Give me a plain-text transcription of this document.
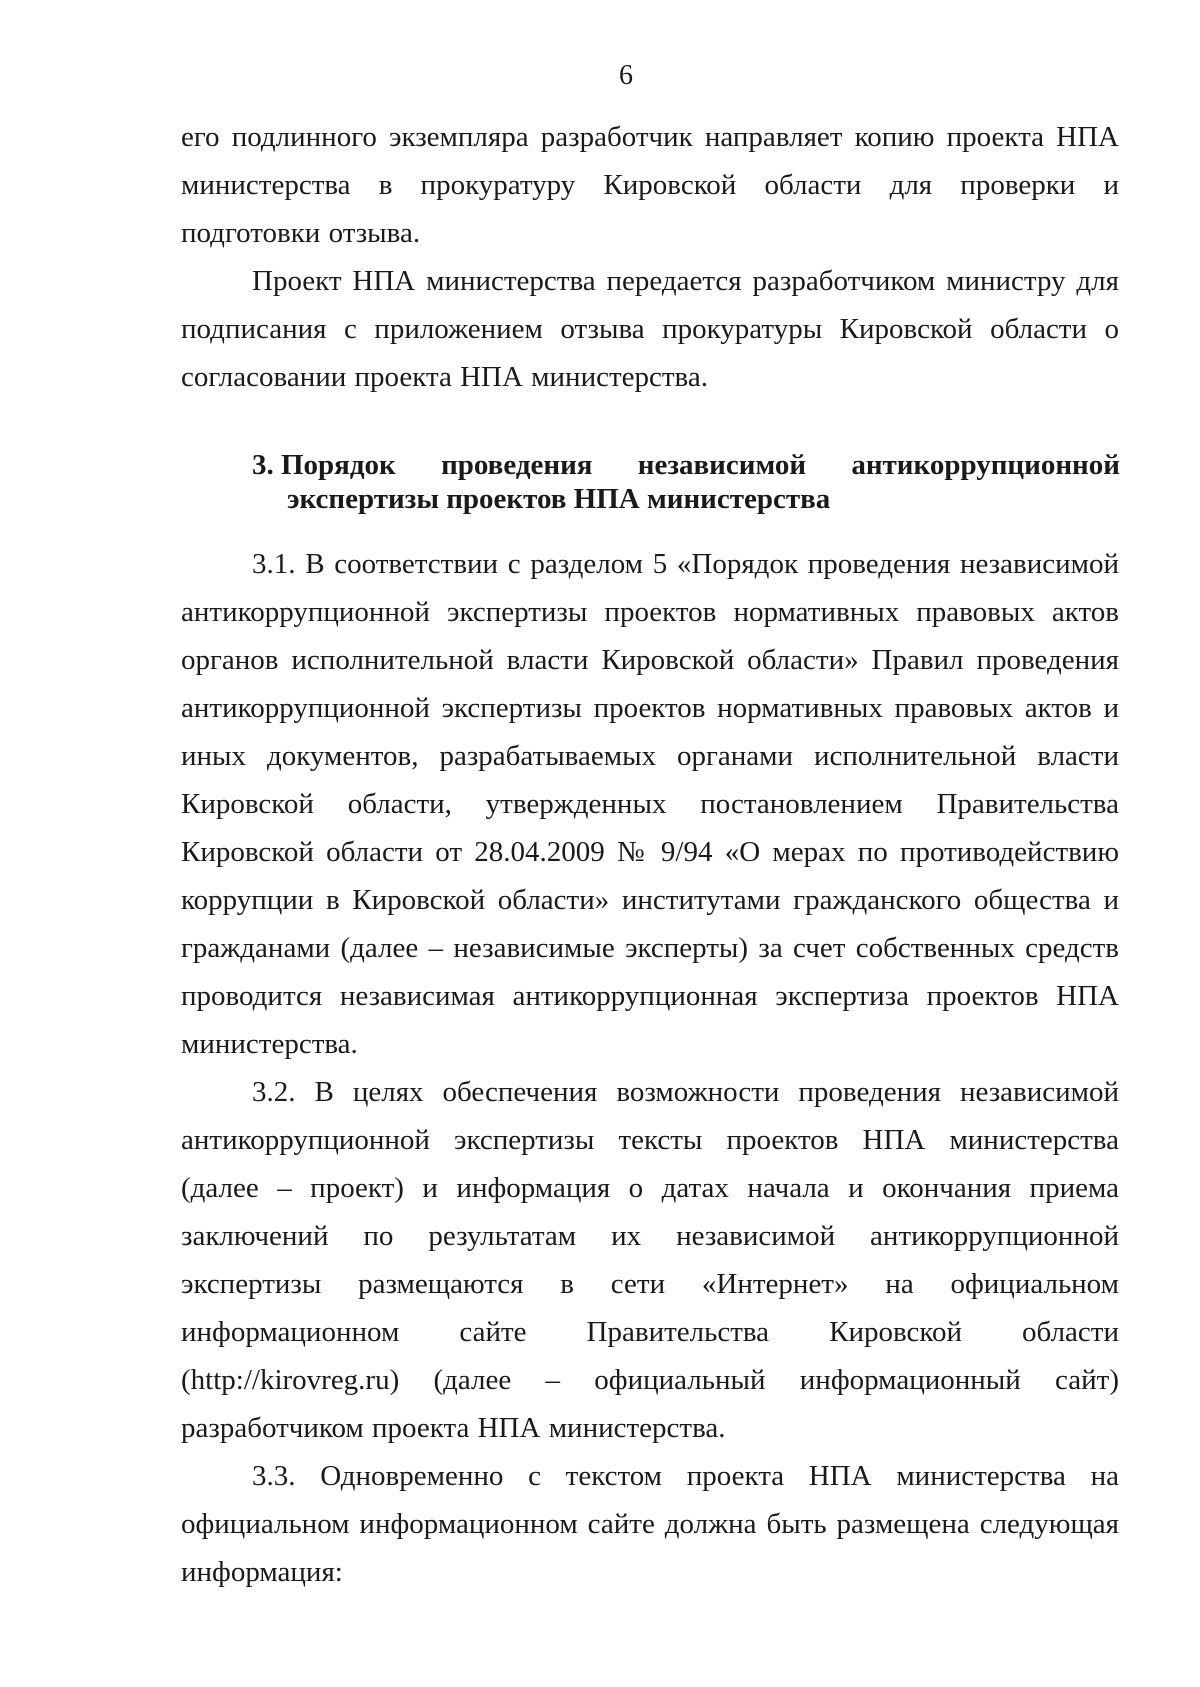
6

его подлинного экземпляра разработчик направляет копию проекта НПА министерства в прокуратуру Кировской области для проверки и подготовки отзыва.

Проект НПА министерства передается разработчиком министру для подписания с приложением отзыва прокуратуры Кировской области о согласовании проекта НПА министерства.

3. Порядок проведения независимой антикоррупционной
экспертизы проектов НПА министерства

3.1. В соответствии с разделом 5 «Порядок проведения независимой антикоррупционной экспертизы проектов нормативных правовых актов органов исполнительной власти Кировской области» Правил проведения антикоррупционной экспертизы проектов нормативных правовых актов и иных документов, разрабатываемых органами исполнительной власти Кировской области, утвержденных постановлением Правительства Кировской области от 28.04.2009 № 9/94 «О мерах по противодействию коррупции в Кировской области» институтами гражданского общества и гражданами (далее – независимые эксперты) за счет собственных средств проводится независимая антикоррупционная экспертиза проектов НПА министерства.

3.2. В целях обеспечения возможности проведения независимой антикоррупционной экспертизы тексты проектов НПА министерства (далее – проект) и информация о датах начала и окончания приема заключений по результатам их независимой антикоррупционной экспертизы размещаются в сети «Интернет» на официальном информационном сайте Правительства Кировской области (http://kirovreg.ru) (далее – официальный информационный сайт) разработчиком проекта НПА министерства.

3.3. Одновременно с текстом проекта НПА министерства на официальном информационном сайте должна быть размещена следующая информация:
